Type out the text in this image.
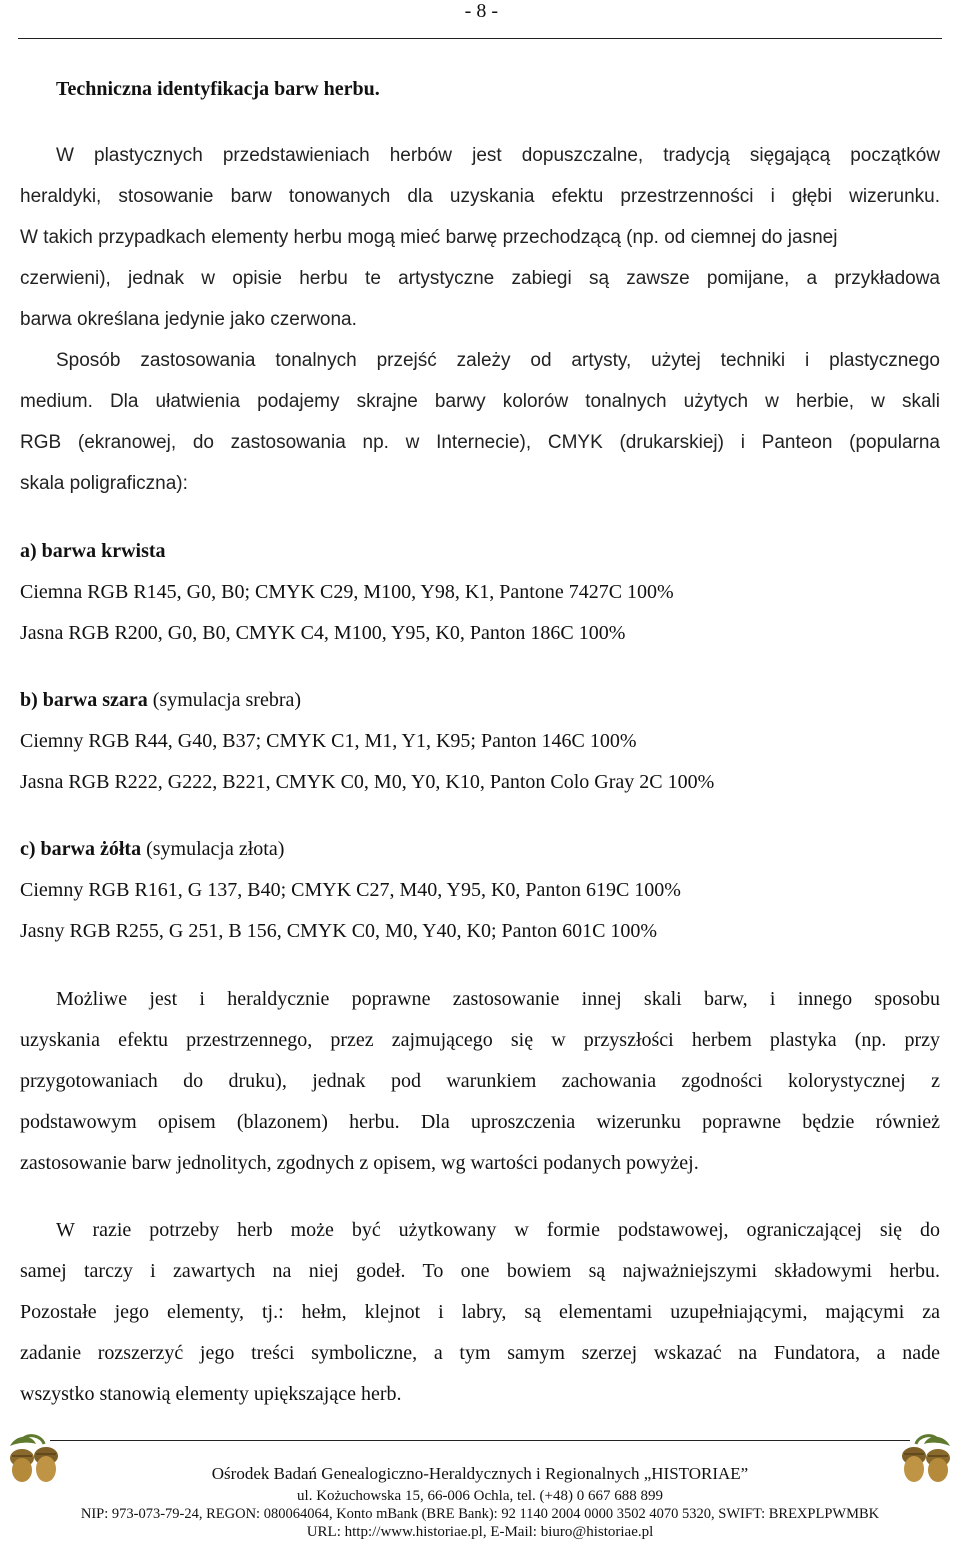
- 8 -
Techniczna identyfikacja barw herbu.
W plastycznych przedstawieniach herbów jest dopuszczalne, tradycją sięgającą początków
heraldyki, stosowanie barw tonowanych dla uzyskania efektu przestrzenności i głębi wizerunku.
W takich przypadkach elementy herbu mogą mieć barwę przechodzącą (np. od ciemnej do jasnej
czerwieni), jednak w opisie herbu te artystyczne zabiegi są zawsze pomijane, a przykładowa
barwa określana jedynie jako czerwona.
Sposób zastosowania tonalnych przejść zależy od artysty, użytej techniki i plastycznego
medium. Dla ułatwienia podajemy skrajne barwy kolorów tonalnych użytych w herbie, w skali
RGB (ekranowej, do zastosowania np. w Internecie), CMYK (drukarskiej) i Panteon (popularna
skala poligraficzna):
a) barwa krwista
Ciemna RGB R145, G0, B0; CMYK C29, M100, Y98, K1, Pantone 7427C 100%
Jasna RGB R200, G0, B0, CMYK C4, M100, Y95, K0, Panton 186C 100%
b) barwa szara (symulacja srebra)
Ciemny RGB R44, G40, B37; CMYK C1, M1, Y1, K95; Panton 146C 100%
Jasna RGB R222, G222, B221, CMYK C0, M0, Y0, K10, Panton Colo Gray 2C 100%
c) barwa żółta (symulacja złota)
Ciemny RGB R161, G 137, B40; CMYK C27, M40, Y95, K0, Panton 619C 100%
Jasny RGB R255, G 251, B 156, CMYK C0, M0, Y40, K0; Panton 601C 100%
Możliwe jest i heraldycznie poprawne zastosowanie innej skali barw, i innego sposobu
uzyskania efektu przestrzennego, przez zajmującego się w przyszłości herbem plastyka (np. przy
przygotowaniach do druku), jednak pod warunkiem zachowania zgodności kolorystycznej z
podstawowym opisem (blazonem) herbu. Dla uproszczenia wizerunku poprawne będzie również
zastosowanie barw jednolitych, zgodnych z opisem, wg wartości podanych powyżej.
W razie potrzeby herb może być użytkowany w formie podstawowej, ograniczającej się do
samej tarczy i zawartych na niej godeł. To one bowiem są najważniejszymi składowymi herbu.
Pozostałe jego elementy, tj.: hełm, klejnot i labry, są elementami uzupełniającymi, mającymi za
zadanie rozszerzyć jego treści symboliczne, a tym samym szerzej wskazać na Fundatora, a nade
wszystko stanowią elementy upiększające herb.
Ośrodek Badań Genealogiczno-Heraldycznych i Regionalnych „HISTORIAE”
ul. Kożuchowska 15, 66-006 Ochla, tel. (+48) 0 667 688 899
NIP: 973-073-79-24, REGON: 080064064, Konto mBank (BRE Bank): 92 1140 2004 0000 3502 4070 5320, SWIFT: BREXPLPWMBK
URL: http://www.historiae.pl, E-Mail: biuro@historiae.pl
